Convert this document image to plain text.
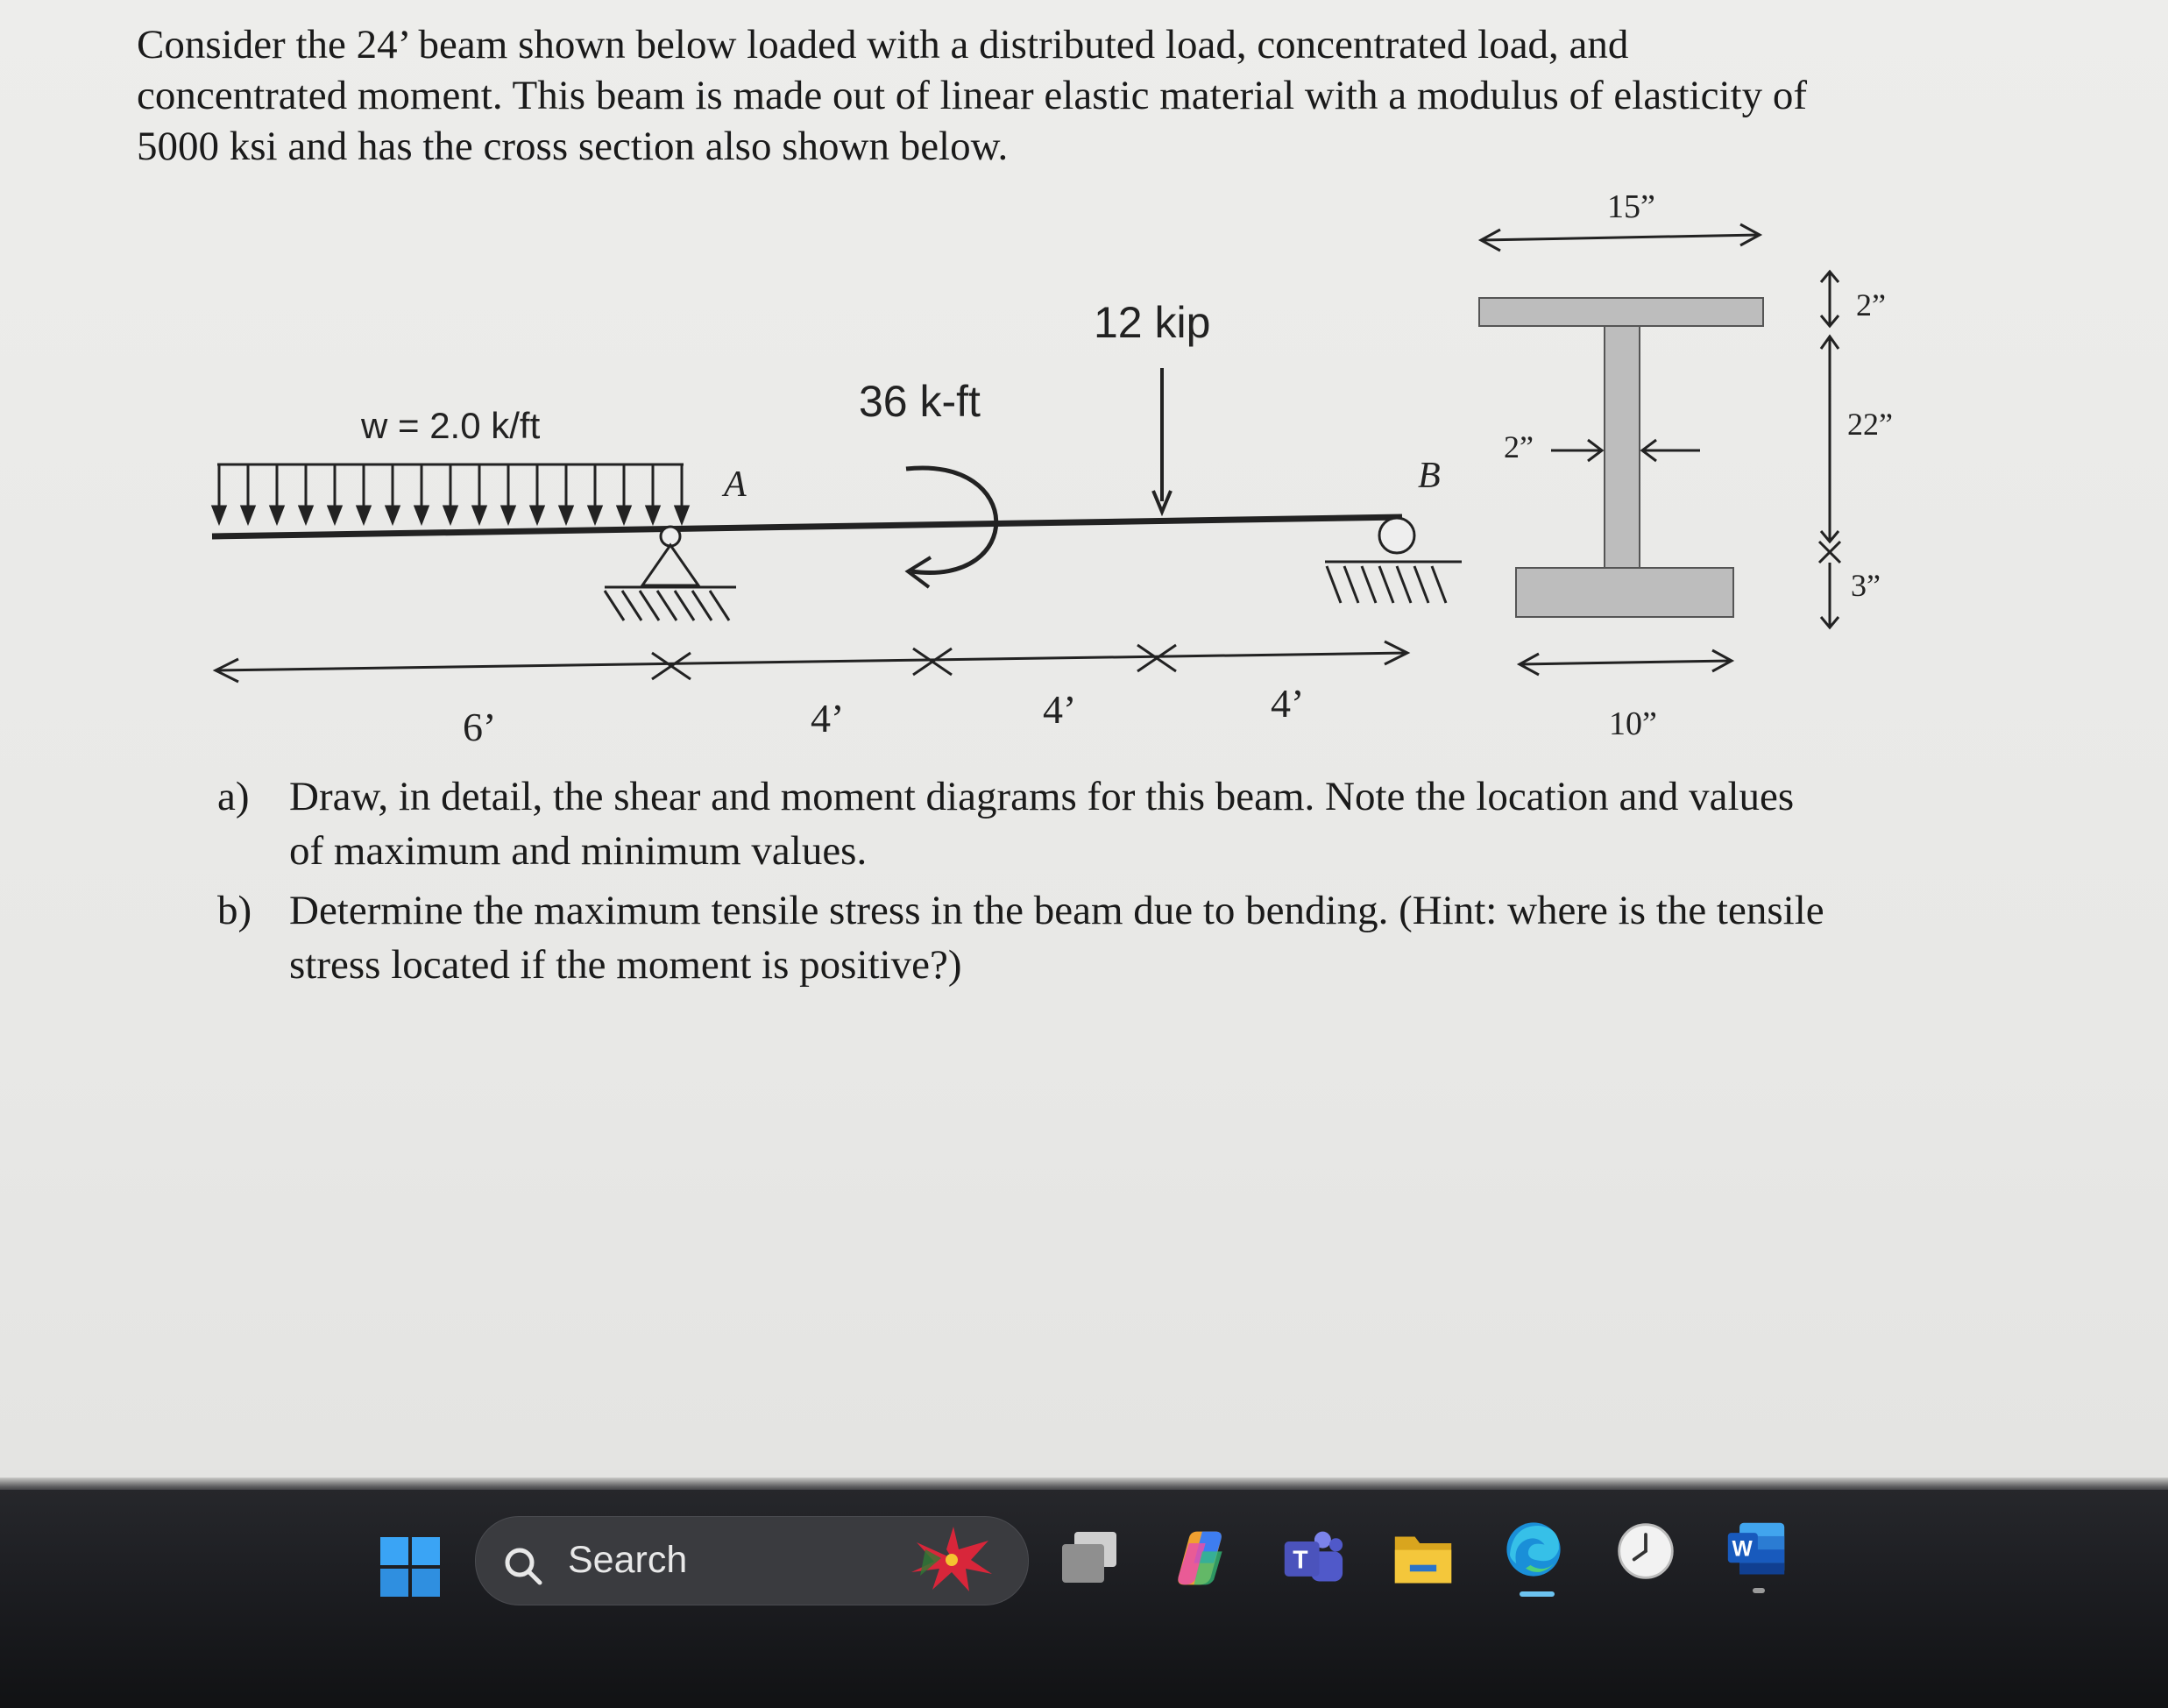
Consider the 24’ beam shown below loaded with a distributed load, concentrated load, and
concentrated moment. This beam is made out of linear elastic material with a modulus of elasticity of
5000 ksi and has the cross section also shown below.
w = 2.0 k/ft
A
36 k-ft
12 kip
B
6’	4’	4’	4’
15”
10”
2”
22”
3”
2”
a) Draw, in detail, the shear and moment diagrams for this beam. Note the location and values
of maximum and minimum values.
b) Determine the maximum tensile stress in the beam due to bending. (Hint: where is the tensile
stress located if the moment is positive?)
Search	T	W
